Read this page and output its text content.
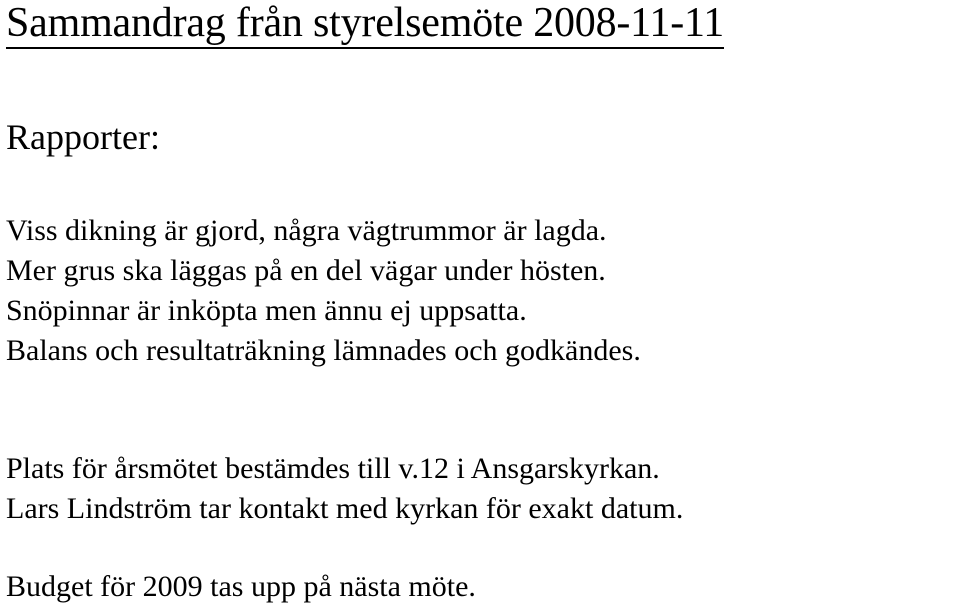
Sammandrag från styrelsemöte 2008-11-11
Rapporter:

Viss dikning är gjord, några vägtrummor är lagda.

Mer grus ska läggas på en del vägar under hösten.

Snöpinnar är inköpta men ännu ej uppsatta.

Balans och resultaträkning lämnades och godkändes.

Plats för årsmötet bestämdes till v.12 i Ansgarskyrkan.

Lars Lindström tar kontakt med kyrkan för exakt datum.

Budget för 2009 tas upp på nästa möte.
